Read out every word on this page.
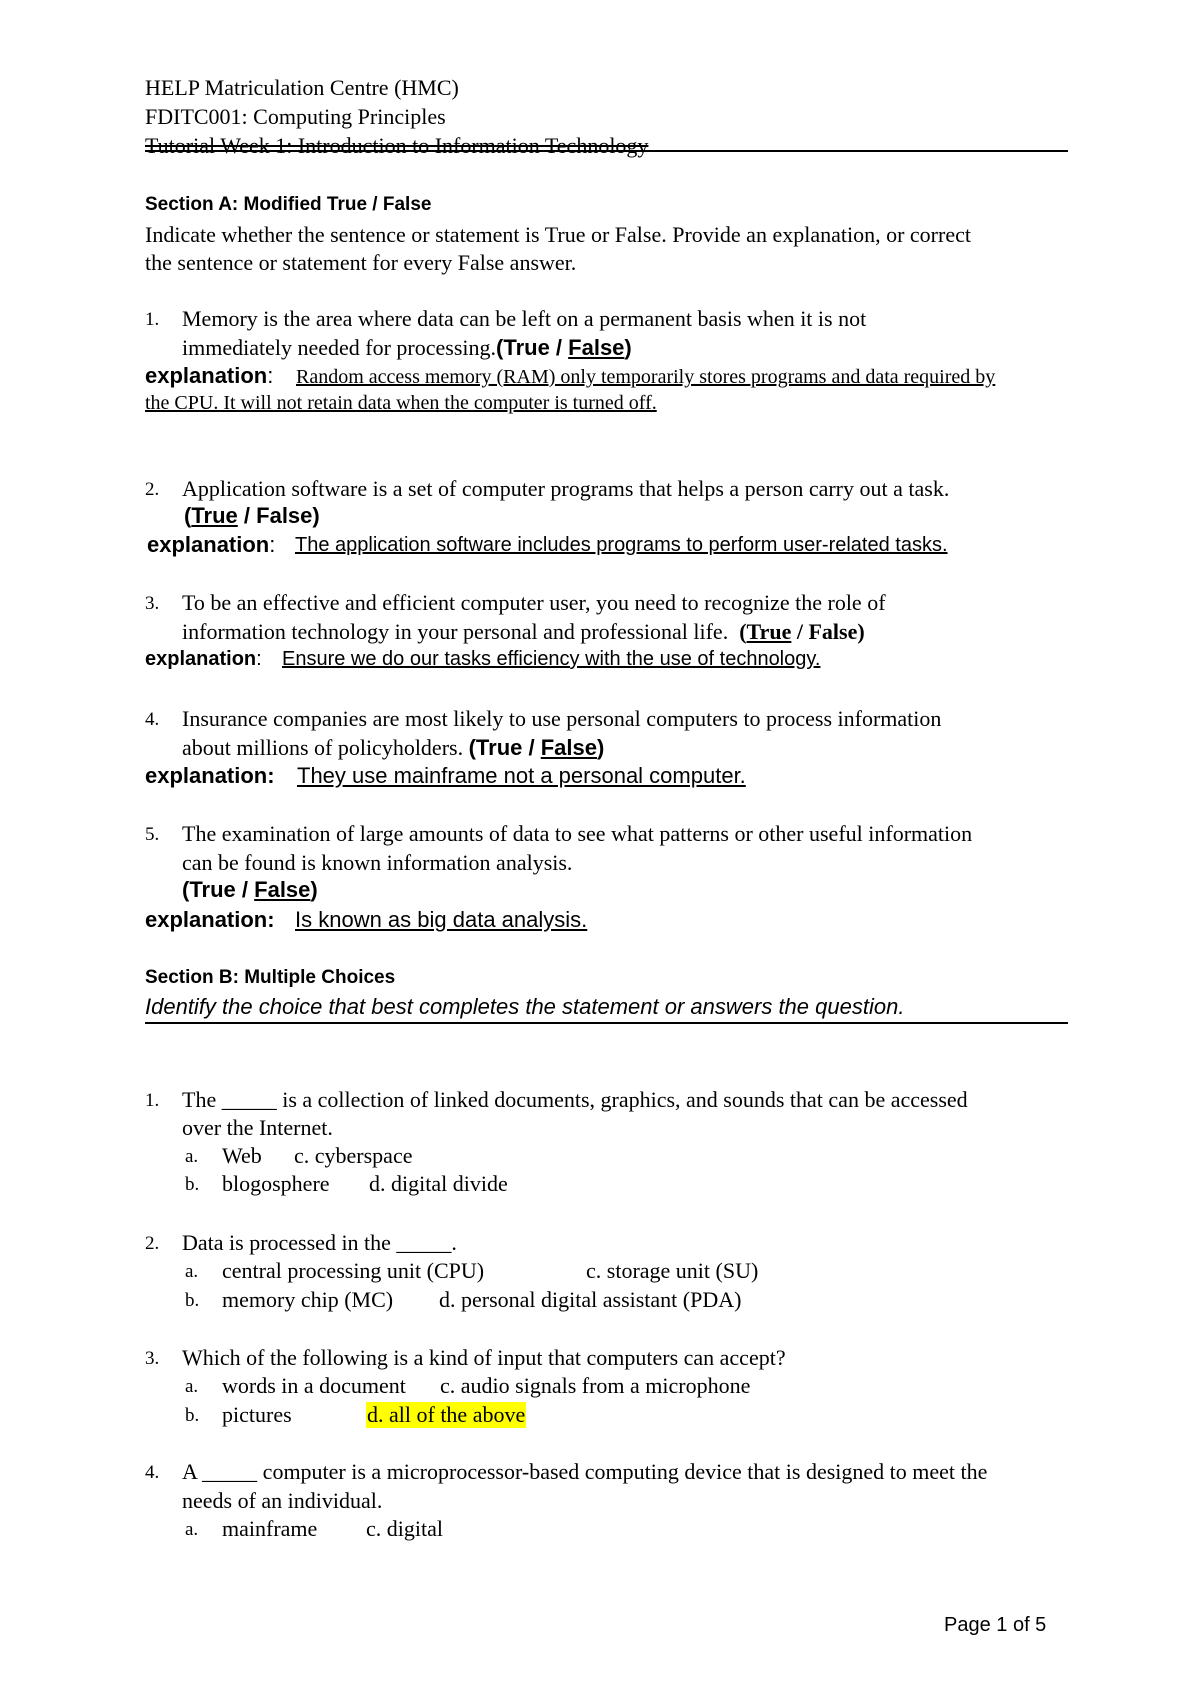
HELP Matriculation Centre (HMC)
FDITC001: Computing Principles
Tutorial Week 1: Introduction to Information Technology
Section A: Modified True / False
Indicate whether the sentence or statement is True or False. Provide an explanation, or correct
the sentence or statement for every False answer.
1. Memory is the area where data can be left on a permanent basis when it is not
immediately needed for processing.(True / False)
explanation: Random access memory (RAM) only temporarily stores programs and data required by
the CPU. It will not retain data when the computer is turned off.
2. Application software is a set of computer programs that helps a person carry out a task.
(True / False)
explanation: The application software includes programs to perform user-related tasks.
3. To be an effective and efficient computer user, you need to recognize the role of
information technology in your personal and professional life. (True / False)
explanation: Ensure we do our tasks efficiency with the use of technology.
4. Insurance companies are most likely to use personal computers to process information
about millions of policyholders. (True / False)
explanation: They use mainframe not a personal computer.
5. The examination of large amounts of data to see what patterns or other useful information
can be found is known information analysis.
(True / False)
explanation: Is known as big data analysis.
Section B: Multiple Choices
Identify the choice that best completes the statement or answers the question.
1. The _____ is a collection of linked documents, graphics, and sounds that can be accessed
over the Internet.
a. Web c. cyberspace
b. blogosphere d. digital divide
2. Data is processed in the _____.
a. central processing unit (CPU)	c. storage unit (SU)
b. memory chip (MC) d. personal digital assistant (PDA)
3. Which of the following is a kind of input that computers can accept?
a. words in a document c. audio signals from a microphone
b. pictures	d. all of the above
4. A _____ computer is a microprocessor-based computing device that is designed to meet the
needs of an individual.
a. mainframe c. digital
Page 1 of 5
